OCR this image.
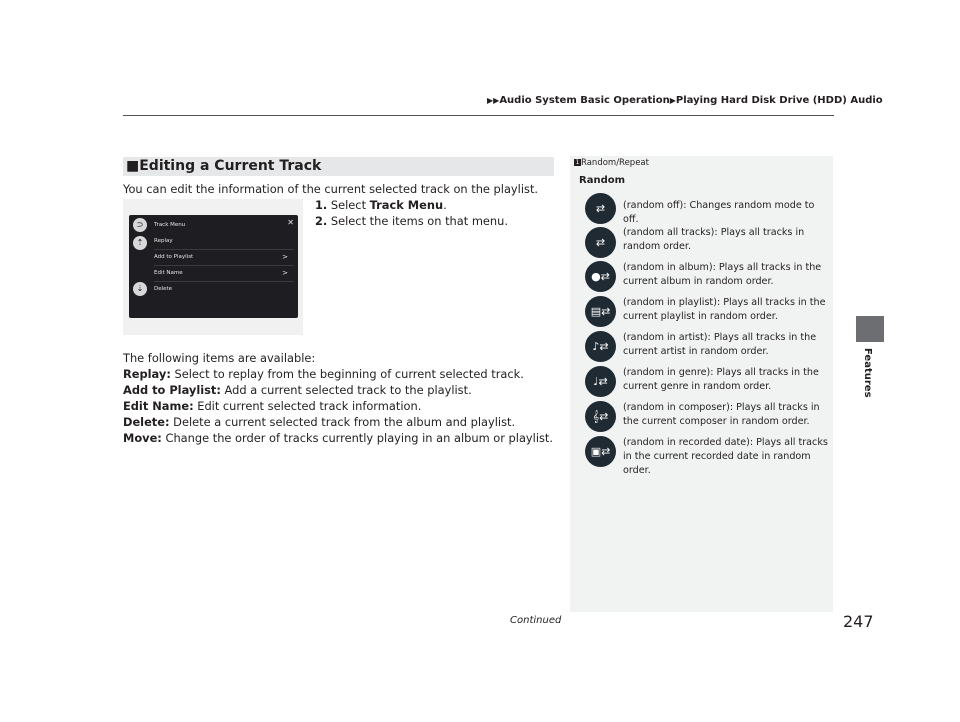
▶▶Audio System Basic Operation▶Playing Hard Disk Drive (HDD) Audio
Features
■Editing a Current Track
You can edit the information of the current selected track on the playlist.
1. Select Track Menu.
2. Select the items on that menu.
⊃
⇡
⇣
Track Menu	✕
Replay
Add to Playlist	>
Edit Name	>
Delete
The following items are available:
Replay: Select to replay from the beginning of current selected track.
Add to Playlist: Add a current selected track to the playlist.
Edit Name: Edit current selected track information.
Delete: Delete a current selected track from the album and playlist.
Move: Change the order of tracks currently playing in an album or playlist.
1 Random/Repeat
Random
⇄	(random off): Changes random mode to off.
⇄
(random all tracks): Plays all tracks in random order.
●⇄
(random in album): Plays all tracks in the current album in random order.
▤⇄
(random in playlist): Plays all tracks in the current playlist in random order.
♪⇄
(random in artist): Plays all tracks in the current artist in random order.
♩⇄
(random in genre): Plays all tracks in the current genre in random order.
𝄞⇄
(random in composer): Plays all tracks in the current composer in random order.
▣⇄
(random in recorded date): Plays all tracks in the current recorded date in random order.
Continued	247
